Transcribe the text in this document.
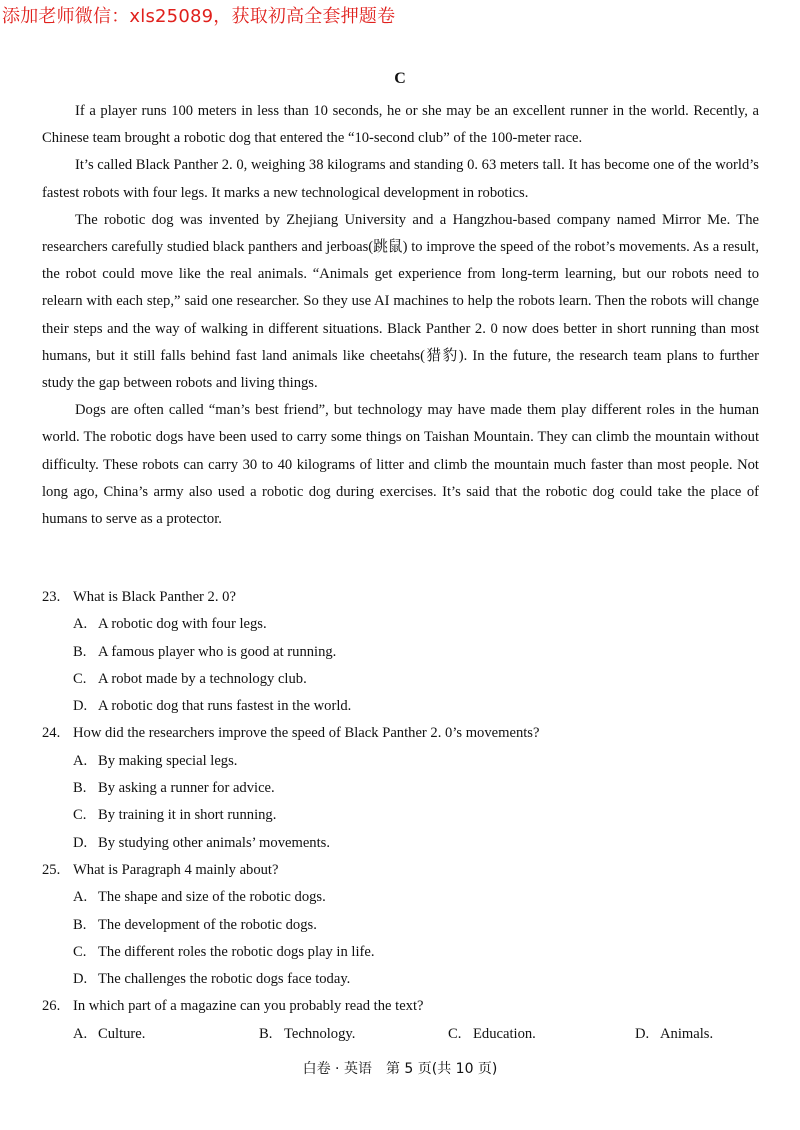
添加老师微信：xls25089，获取初高全套押题卷
C

If a player runs 100 meters in less than 10 seconds, he or she may be an excellent runner in the world. Recently, a Chinese team brought a robotic dog that entered the “10-second club” of the 100-meter race.

It’s called Black Panther 2. 0, weighing 38 kilograms and standing 0. 63 meters tall. It has become one of the world’s fastest robots with four legs. It marks a new technological development in robotics.

The robotic dog was invented by Zhejiang University and a Hangzhou-based company named Mirror Me. The researchers carefully studied black panthers and jerboas(跳鼠) to improve the speed of the robot’s movements. As a result, the robot could move like the real animals. “Animals get experience from long-term learning, but our robots need to relearn with each step,” said one researcher. So they use AI machines to help the robots learn. Then the robots will change their steps and the way of walking in different situations. Black Panther 2. 0 now does better in short running than most humans, but it still falls behind fast land animals like cheetahs(猎豹). In the future, the research team plans to further study the gap between robots and living things.

Dogs are often called “man’s best friend”, but technology may have made them play different roles in the human world. The robotic dogs have been used to carry some things on Taishan Mountain. They can climb the mountain without difficulty. These robots can carry 30 to 40 kilograms of litter and climb the mountain much faster than most people. Not long ago, China’s army also used a robotic dog during exercises. It’s said that the robotic dog could take the place of humans to serve as a protector.

23. What is Black Panther 2. 0?
A. A robotic dog with four legs.
B. A famous player who is good at running.
C. A robot made by a technology club.
D. A robotic dog that runs fastest in the world.
24. How did the researchers improve the speed of Black Panther 2. 0’s movements?
A. By making special legs.
B. By asking a runner for advice.
C. By training it in short running.
D. By studying other animals’ movements.
25. What is Paragraph 4 mainly about?
A. The shape and size of the robotic dogs.
B. The development of the robotic dogs.
C. The different roles the robotic dogs play in life.
D. The challenges the robotic dogs face today.
26. In which part of a magazine can you probably read the text?
A. Culture.	B. Technology.	C. Education.	D. Animals.
白卷 · 英语　第 5 页(共 10 页)
